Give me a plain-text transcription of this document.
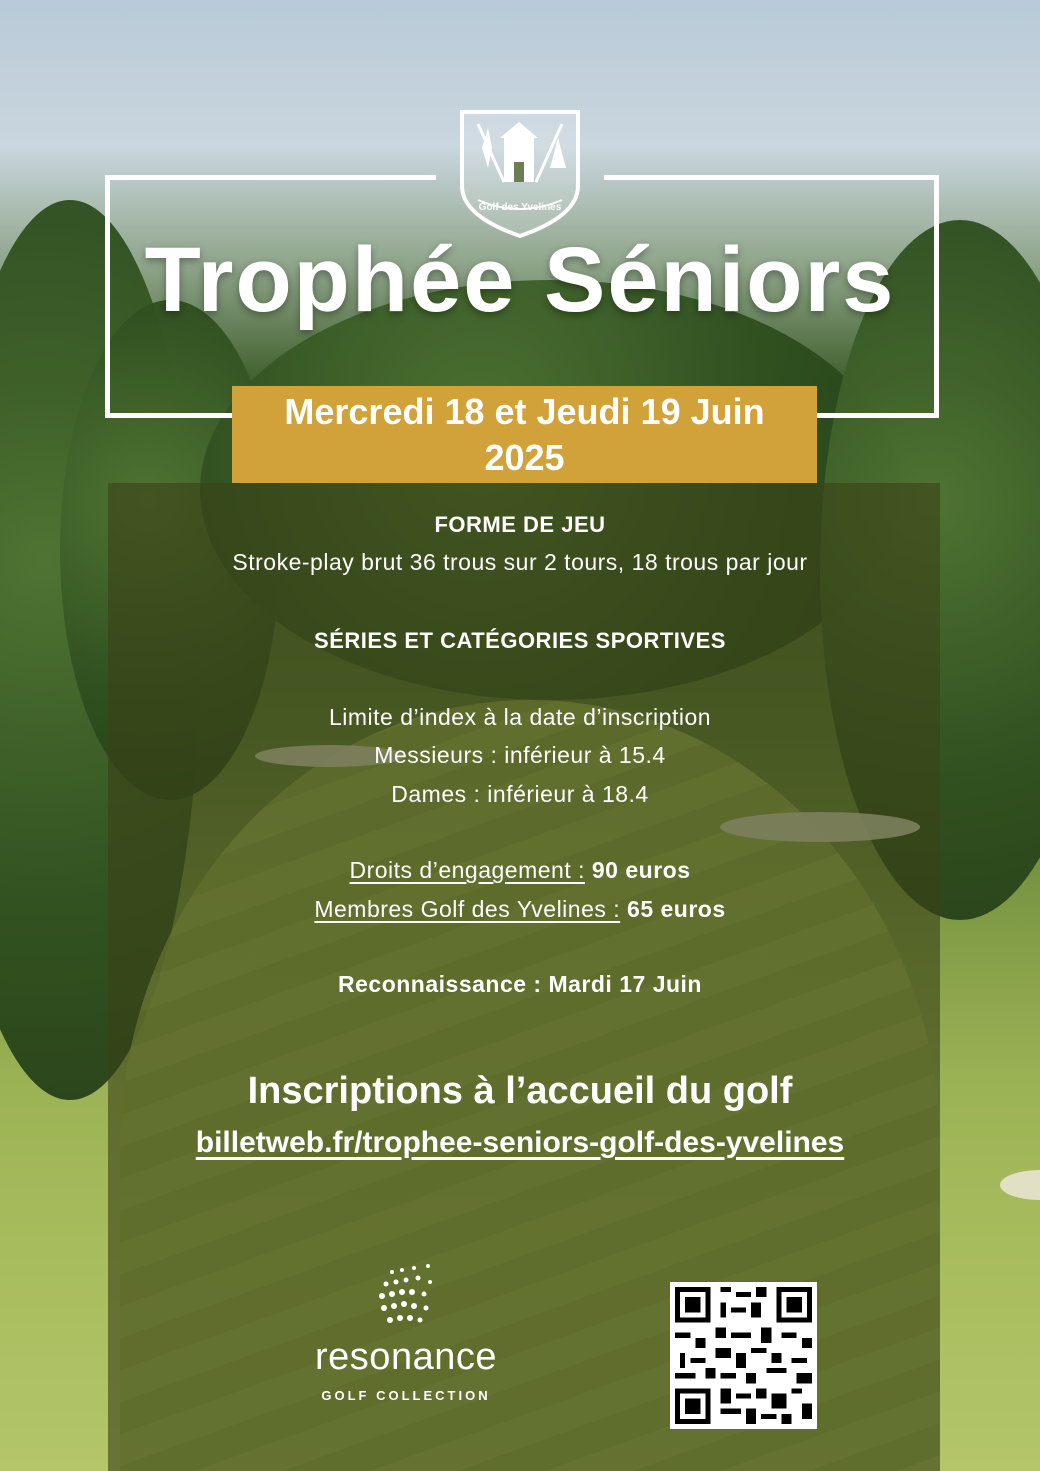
Golf des Yvelines
Trophée Séniors
Mercredi 18 et Jeudi 19 Juin
2025
FORME DE JEU
Stroke-play brut 36 trous sur 2 tours, 18 trous par jour
SÉRIES ET CATÉGORIES SPORTIVES
Limite d’index à la date d’inscription
Messieurs : inférieur à 15.4
Dames : inférieur à 18.4
Droits d’engagement : 90 euros
Membres Golf des Yvelines : 65 euros
Reconnaissance : Mardi 17 Juin
Inscriptions à l’accueil du golf
billetweb.fr/trophee-seniors-golf-des-yvelines
resonance
GOLF COLLECTION
